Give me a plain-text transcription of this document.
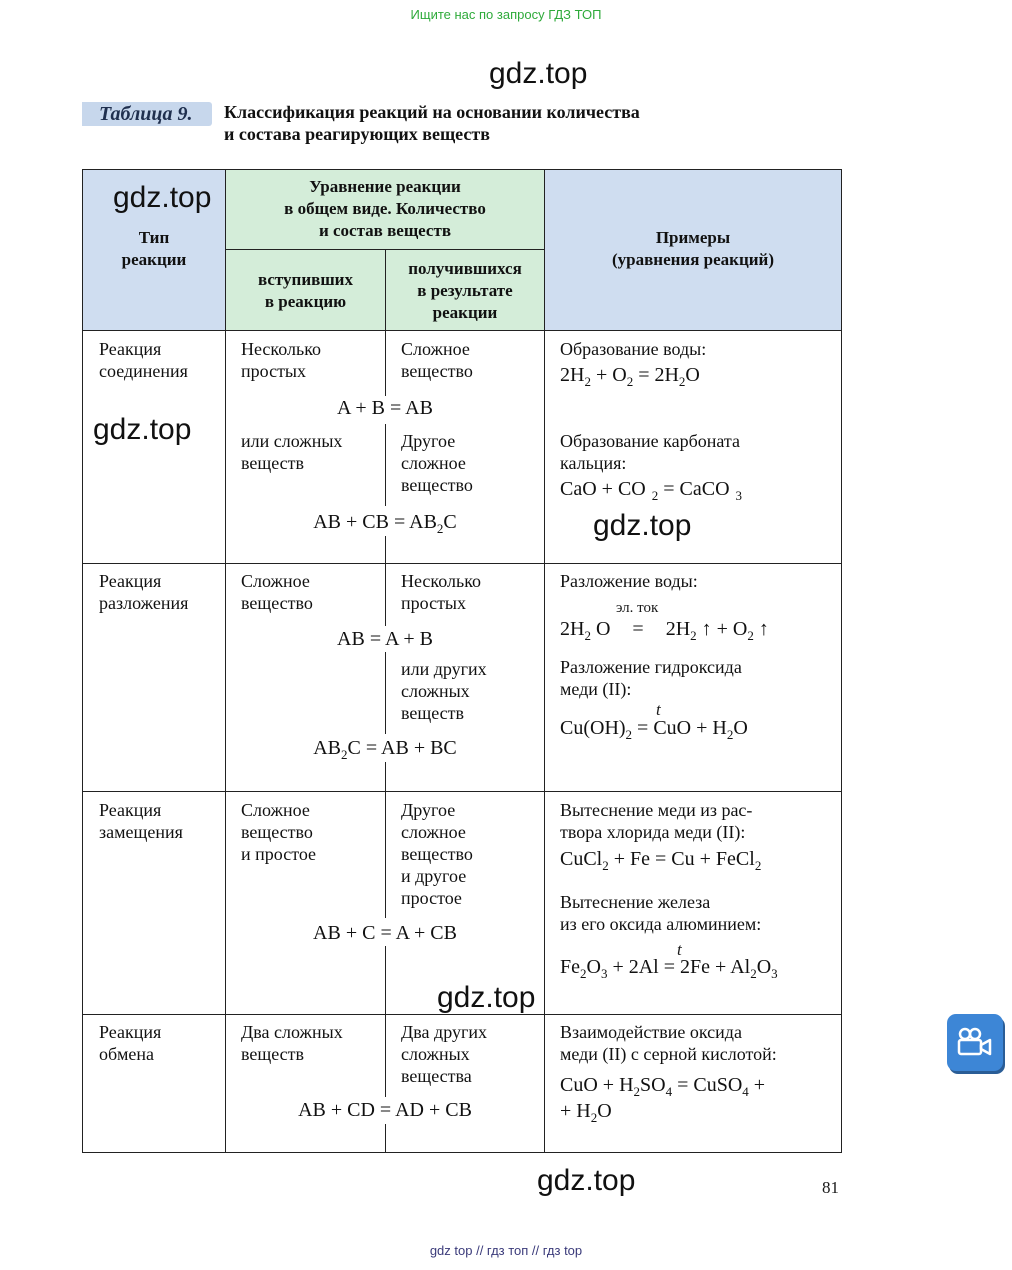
Ищите нас по запросу ГДЗ ТОП
gdz.top
Таблица 9.	Классификация реакций на основании количества
и состава реагирующих веществ
Тип
реакции
Уравнение реакции
в общем виде. Количество
и состав веществ
вступивших
в реакцию
получившихся
в результате
реакции
Примеры
(уравнения реакций)
Реакция
соединения
Несколько
простых
Сложное
вещество
A + B = AB
или сложных
веществ
Другое
сложное
вещество
AB + CB = $AB_2C$
Образование воды:
$2H_2 + O_2 = 2H_2O$
Образование карбоната
кальция:
CaO + CO $_2$ = CaCO $_3$
gdz.top
gdz.top
gdz.top
Реакция
разложения
Сложное
вещество
Несколько
простых
AB = A + B
или других
сложных
веществ
$AB_2C$ = AB + BC
Разложение воды:
эл. ток
$2H_2$ $O = 2H_2$ ↑ + $O_2$ ↑
Разложение гидроксида
меди (II):
t
$Cu(OH)_2$ = CuO + $H_2O$
Реакция
замещения
Сложное
вещество
и простое
Другое
сложное
вещество
и другое
простое
AB + C = A + CB
Вытеснение меди из рас-
твора хлорида меди (II):
CuCl$_2$ + Fe = Cu + FeCl$_2$
Вытеснение железа
из его оксида алюминием:
t
$Fe_2O_3 + 2Al = 2Fe + Al_2O_3$
gdz.top
Реакция
обмена
Два сложных
веществ
Два других
сложных
вещества
AB + CD = AD + CB
Взаимодействие оксида
меди (II) с серной кислотой:
CuO + $H_2SO_4$ = CuSO$_4$ +
+ $H_2O$
gdz.top	81
gdz top // гдз топ // гдз top
